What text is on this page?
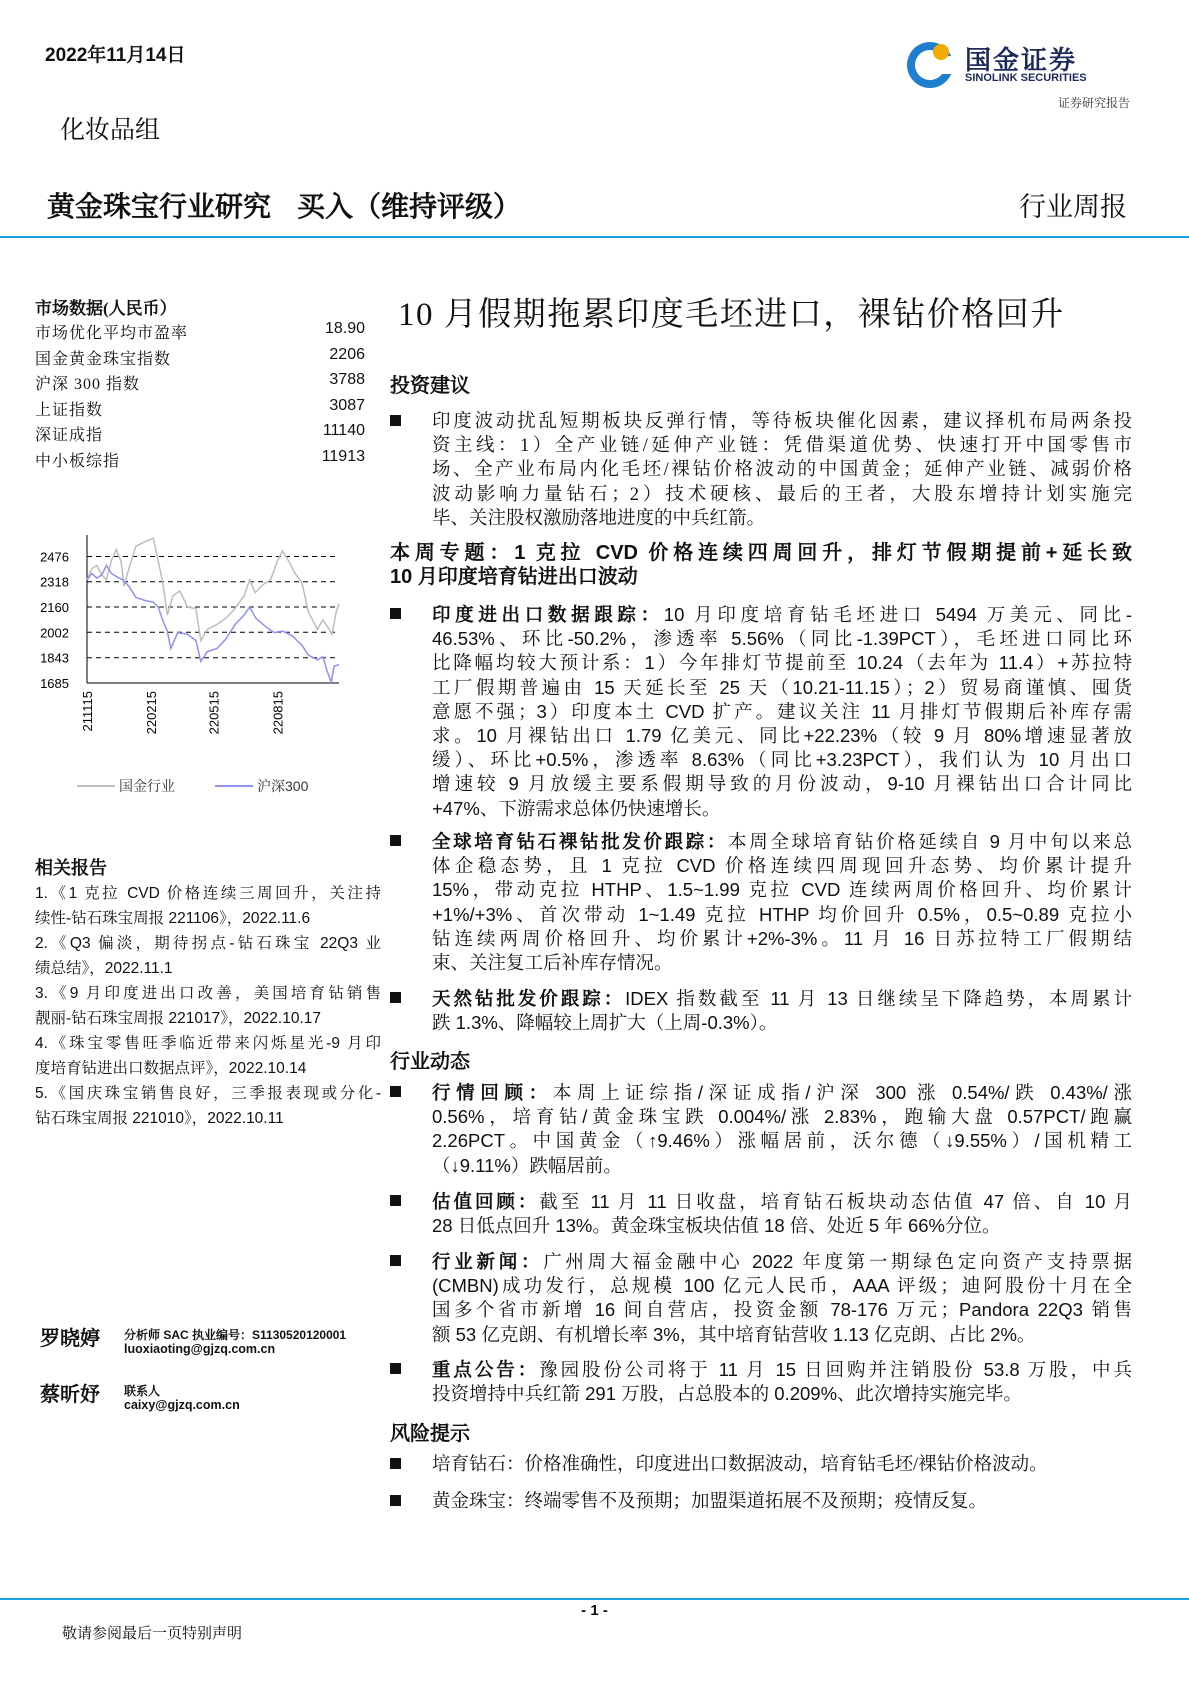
2022年11月14日	国金证券
SINOLINK SECURITIES
证券研究报告
化妆品组
黄金珠宝行业研究 买入（维持评级）	行业周报
市场数据(人民币）
市场优化平均市盈率	18.90
国金黄金珠宝指数	2206
沪深 300 指数	3788
上证指数	3087
深证成指	11140
中小板综指	11913
2476
2318
2160
2002
1843
1685
211115	220215	220515	220815
国金行业	沪深300
相关报告
1.《1 克拉 CVD 价格连续三周回升，关注持
续性-钻石珠宝周报 221106》，2022.11.6
2.《Q3 偏淡，期待拐点-钻石珠宝 22Q3 业
绩总结》，2022.11.1
3.《9 月印度进出口改善，美国培育钻销售
靓丽-钻石珠宝周报 221017》，2022.10.17
4.《珠宝零售旺季临近带来闪烁星光-9 月印
度培育钻进出口数据点评》，2022.10.14
5.《国庆珠宝销售良好，三季报表现或分化-
钻石珠宝周报 221010》，2022.10.11
罗晓婷 分析师 SAC 执业编号：S1130520120001
luoxiaoting@gjzq.com.cn
蔡昕妤 联系人
caixy@gjzq.com.cn
10 月假期拖累印度毛坯进口，裸钻价格回升
投资建议
印度波动扰乱短期板块反弹行情，等待板块催化因素，建议择机布局两条投
资主线：1）全产业链/延伸产业链：凭借渠道优势、快速打开中国零售市
场、全产业布局内化毛坯/裸钻价格波动的中国黄金；延伸产业链、减弱价格
波动影响力量钻石；2）技术硬核、最后的王者，大股东增持计划实施完
毕、关注股权激励落地进度的中兵红箭。
本周专题：1 克拉 CVD 价格连续四周回升，排灯节假期提前+延长致
10 月印度培育钻进出口波动
印度进出口数据跟踪：10 月印度培育钻毛坯进口 5494 万美元、同比-
46.53%、环比-50.2%，渗透率 5.56%（同比-1.39PCT），毛坯进口同比环
比降幅均较大预计系：1）今年排灯节提前至 10.24（去年为 11.4）+苏拉特
工厂假期普遍由 15 天延长至 25 天（10.21-11.15）；2）贸易商谨慎、囤货
意愿不强；3）印度本土 CVD 扩产。建议关注 11 月排灯节假期后补库存需
求。10 月裸钻出口 1.79 亿美元、同比+22.23%（较 9 月 80%增速显著放
缓）、环比+0.5%，渗透率 8.63%（同比+3.23PCT），我们认为 10 月出口
增速较 9 月放缓主要系假期导致的月份波动，9-10 月裸钻出口合计同比
+47%、下游需求总体仍快速增长。
全球培育钻石裸钻批发价跟踪：本周全球培育钻价格延续自 9 月中旬以来总
体企稳态势，且 1 克拉 CVD 价格连续四周现回升态势、均价累计提升
15%，带动克拉 HTHP、1.5~1.99 克拉 CVD 连续两周价格回升、均价累计
+1%/+3%、首次带动 1~1.49 克拉 HTHP 均价回升 0.5%，0.5~0.89 克拉小
钻连续两周价格回升、均价累计+2%-3%。11 月 16 日苏拉特工厂假期结
束、关注复工后补库存情况。
天然钻批发价跟踪：IDEX 指数截至 11 月 13 日继续呈下降趋势，本周累计
跌 1.3%、降幅较上周扩大（上周-0.3%）。
行业动态
行情回顾：本周上证综指/深证成指/沪深 300 涨 0.54%/跌 0.43%/涨
0.56%，培育钻/黄金珠宝跌 0.004%/涨 2.83%，跑输大盘 0.57PCT/跑赢
2.26PCT。中国黄金（↑9.46%）涨幅居前，沃尔德（↓9.55%）/国机精工
（↓9.11%）跌幅居前。
估值回顾：截至 11 月 11 日收盘，培育钻石板块动态估值 47 倍、自 10 月
28 日低点回升 13%。黄金珠宝板块估值 18 倍、处近 5 年 66%分位。
行业新闻：广州周大福金融中心 2022 年度第一期绿色定向资产支持票据
(CMBN)成功发行，总规模 100 亿元人民币，AAA 评级；迪阿股份十月在全
国多个省市新增 16 间自营店，投资金额 78-176 万元；Pandora 22Q3 销售
额 53 亿克朗、有机增长率 3%，其中培育钻营收 1.13 亿克朗、占比 2%。
重点公告：豫园股份公司将于 11 月 15 日回购并注销股份 53.8 万股，中兵
投资增持中兵红箭 291 万股，占总股本的 0.209%、此次增持实施完毕。
风险提示
培育钻石：价格准确性，印度进出口数据波动，培育钻毛坯/裸钻价格波动。
黄金珠宝：终端零售不及预期；加盟渠道拓展不及预期；疫情反复。
- 1 -
敬请参阅最后一页特别声明
